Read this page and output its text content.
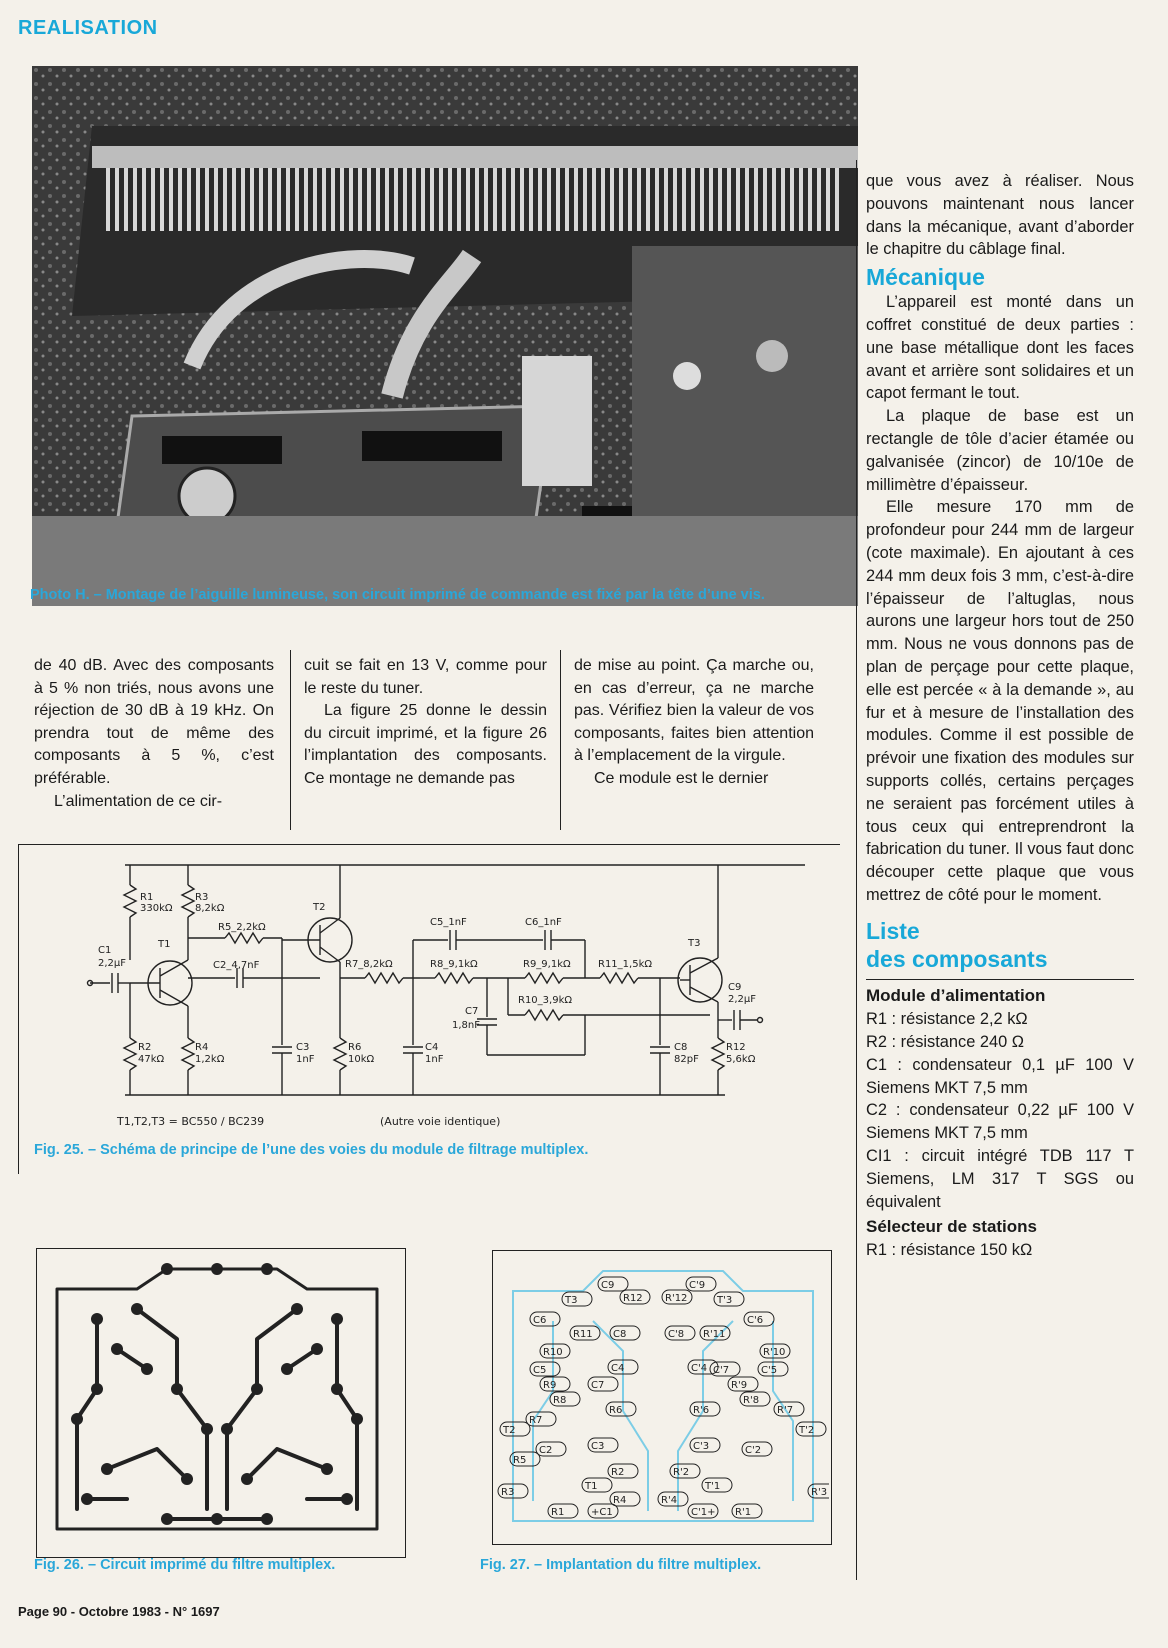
REALISATION
Photo H. – Montage de l’aiguille lumineuse, son circuit imprimé de commande est fixé par la tête d’une vis.

de 40 dB. Avec des composants à 5 % non triés, nous avons une réjection de 30 dB à 19 kHz. On prendra tout de même des composants à 5 %, c’est préférable.

L’alimentation de ce cir-

cuit se fait en 13 V, comme pour le reste du tuner.

La figure 25 donne le dessin du circuit imprimé, et la figure 26 l’implantation des composants. Ce montage ne demande pas

de mise au point. Ça marche ou, en cas d’erreur, ça ne marche pas. Vérifiez bien la valeur de vos composants, faites bien attention à l’emplacement de la virgule.

Ce module est le dernier

R1
330kΩ
R3
8,2kΩ	T2
C1
2,2μF
T1
R5_2,2kΩ
C2_4,7nF	R7_8,2kΩ
C5_1nF	C6_1nF
R8_9,1kΩ	R9_9,1kΩ	R11_1,5kΩ
T3
C9
2,2μF
R10_3,9kΩ
C7
1,8nF
R2
47kΩ
R4
1,2kΩ
C3
1nF
R6
10kΩ
C4
1nF
C8
82pF
R12
5,6kΩ
T1,T2,T3 = BC550 / BC239	(Autre voie identique)
Fig. 25. – Schéma de principe de l’une des voies du module de filtrage multiplex.
Fig. 26. – Circuit imprimé du filtre multiplex.
C9	C'9
T3	R12 R'12	T'3
C6	C'6
R11 C8	C'8 R'11
R10	R'10
C5	C4	C'4 C'7	C'5
R9	C7	R'9
R8	R'8
R'7
R7
R6	R'6
T2	T'2
C2	C3	C'3	C'2
R5
R2	R'2
T1	T'1
R3
R4	R'4
R'3
R1	+C1	C'1+ R'1
Fig. 27. – Implantation du filtre multiplex.

que vous avez à réaliser. Nous pouvons maintenant nous lancer dans la mécanique, avant d’aborder le chapitre du câblage final.

Mécanique

L’appareil est monté dans un coffret constitué de deux parties : une base métallique dont les faces avant et arrière sont solidaires et un capot fermant le tout.

La plaque de base est un rectangle de tôle d’acier étamée ou galvanisée (zincor) de 10/10e de millimètre d’épaisseur.

Elle mesure 170 mm de profondeur pour 244 mm de largeur (cote maximale). En ajoutant à ces 244 mm deux fois 3 mm, c’est-à-dire l’épaisseur de l’altuglas, nous aurons une largeur hors tout de 250 mm. Nous ne vous donnons pas de plan de perçage pour cette plaque, elle est percée « à la demande », au fur et à mesure de l’installation des modules. Comme il est possible de prévoir une fixation des modules sur supports collés, certains perçages ne seraient pas forcément utiles à tous ceux qui entreprendront la fabrication du tuner. Il vous faut donc découper cette plaque que vous mettrez de côté pour le moment.

Liste
des composants
Module d’alimentation
R1 : résistance 2,2 kΩ
R2 : résistance 240 Ω
C1 : condensateur 0,1 µF 100 V Siemens MKT 7,5 mm
C2 : condensateur 0,22 µF 100 V Siemens MKT 7,5 mm
CI1 : circuit intégré TDB 117 T Siemens, LM 317 T SGS ou équivalent
Sélecteur de stations
R1 : résistance 150 kΩ
Page 90 - Octobre 1983 - N° 1697
